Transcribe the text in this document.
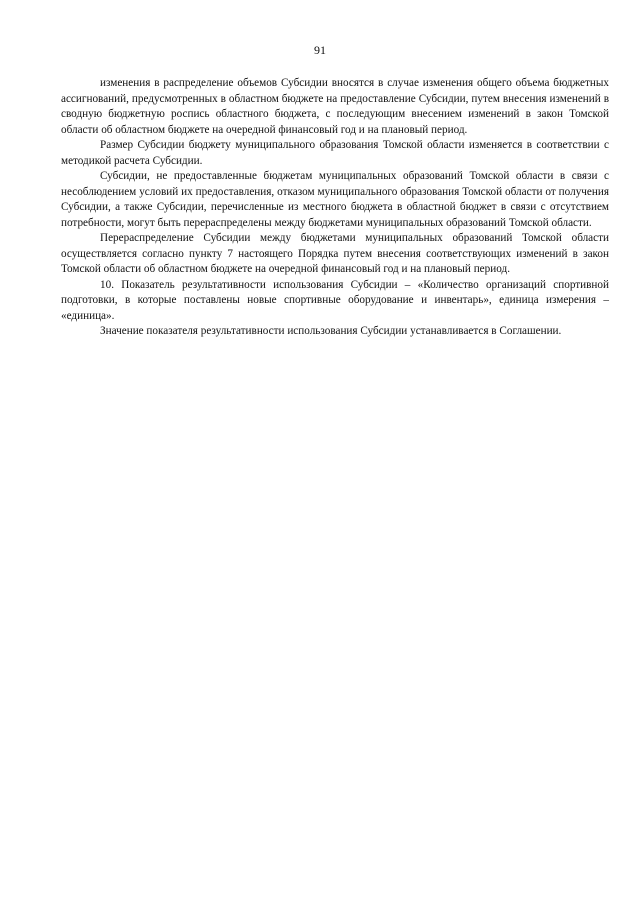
91

изменения в распределение объемов Субсидии вносятся в случае изменения общего объема бюджетных ассигнований, предусмотренных в областном бюджете на предоставление Субсидии, путем внесения изменений в сводную бюджетную роспись областного бюджета, с последующим внесением изменений в закон Томской области об областном бюджете на очередной финансовый год и на плановый период.

Размер Субсидии бюджету муниципального образования Томской области изменяется в соответствии с методикой расчета Субсидии.

Субсидии, не предоставленные бюджетам муниципальных образований Томской области в связи с несоблюдением условий их предоставления, отказом муниципального образования Томской области от получения Субсидии, а также Субсидии, перечисленные из местного бюджета в областной бюджет в связи с отсутствием потребности, могут быть перераспределены между бюджетами муниципальных образований Томской области.

Перераспределение Субсидии между бюджетами муниципальных образований Томской области осуществляется согласно пункту 7 настоящего Порядка путем внесения соответствующих изменений в закон Томской области об областном бюджете на очередной финансовый год и на плановый период.

10. Показатель результативности использования Субсидии – «Количество организаций спортивной подготовки, в которые поставлены новые спортивные оборудование и инвентарь», единица измерения – «единица».

Значение показателя результативности использования Субсидии устанавливается в Соглашении.
